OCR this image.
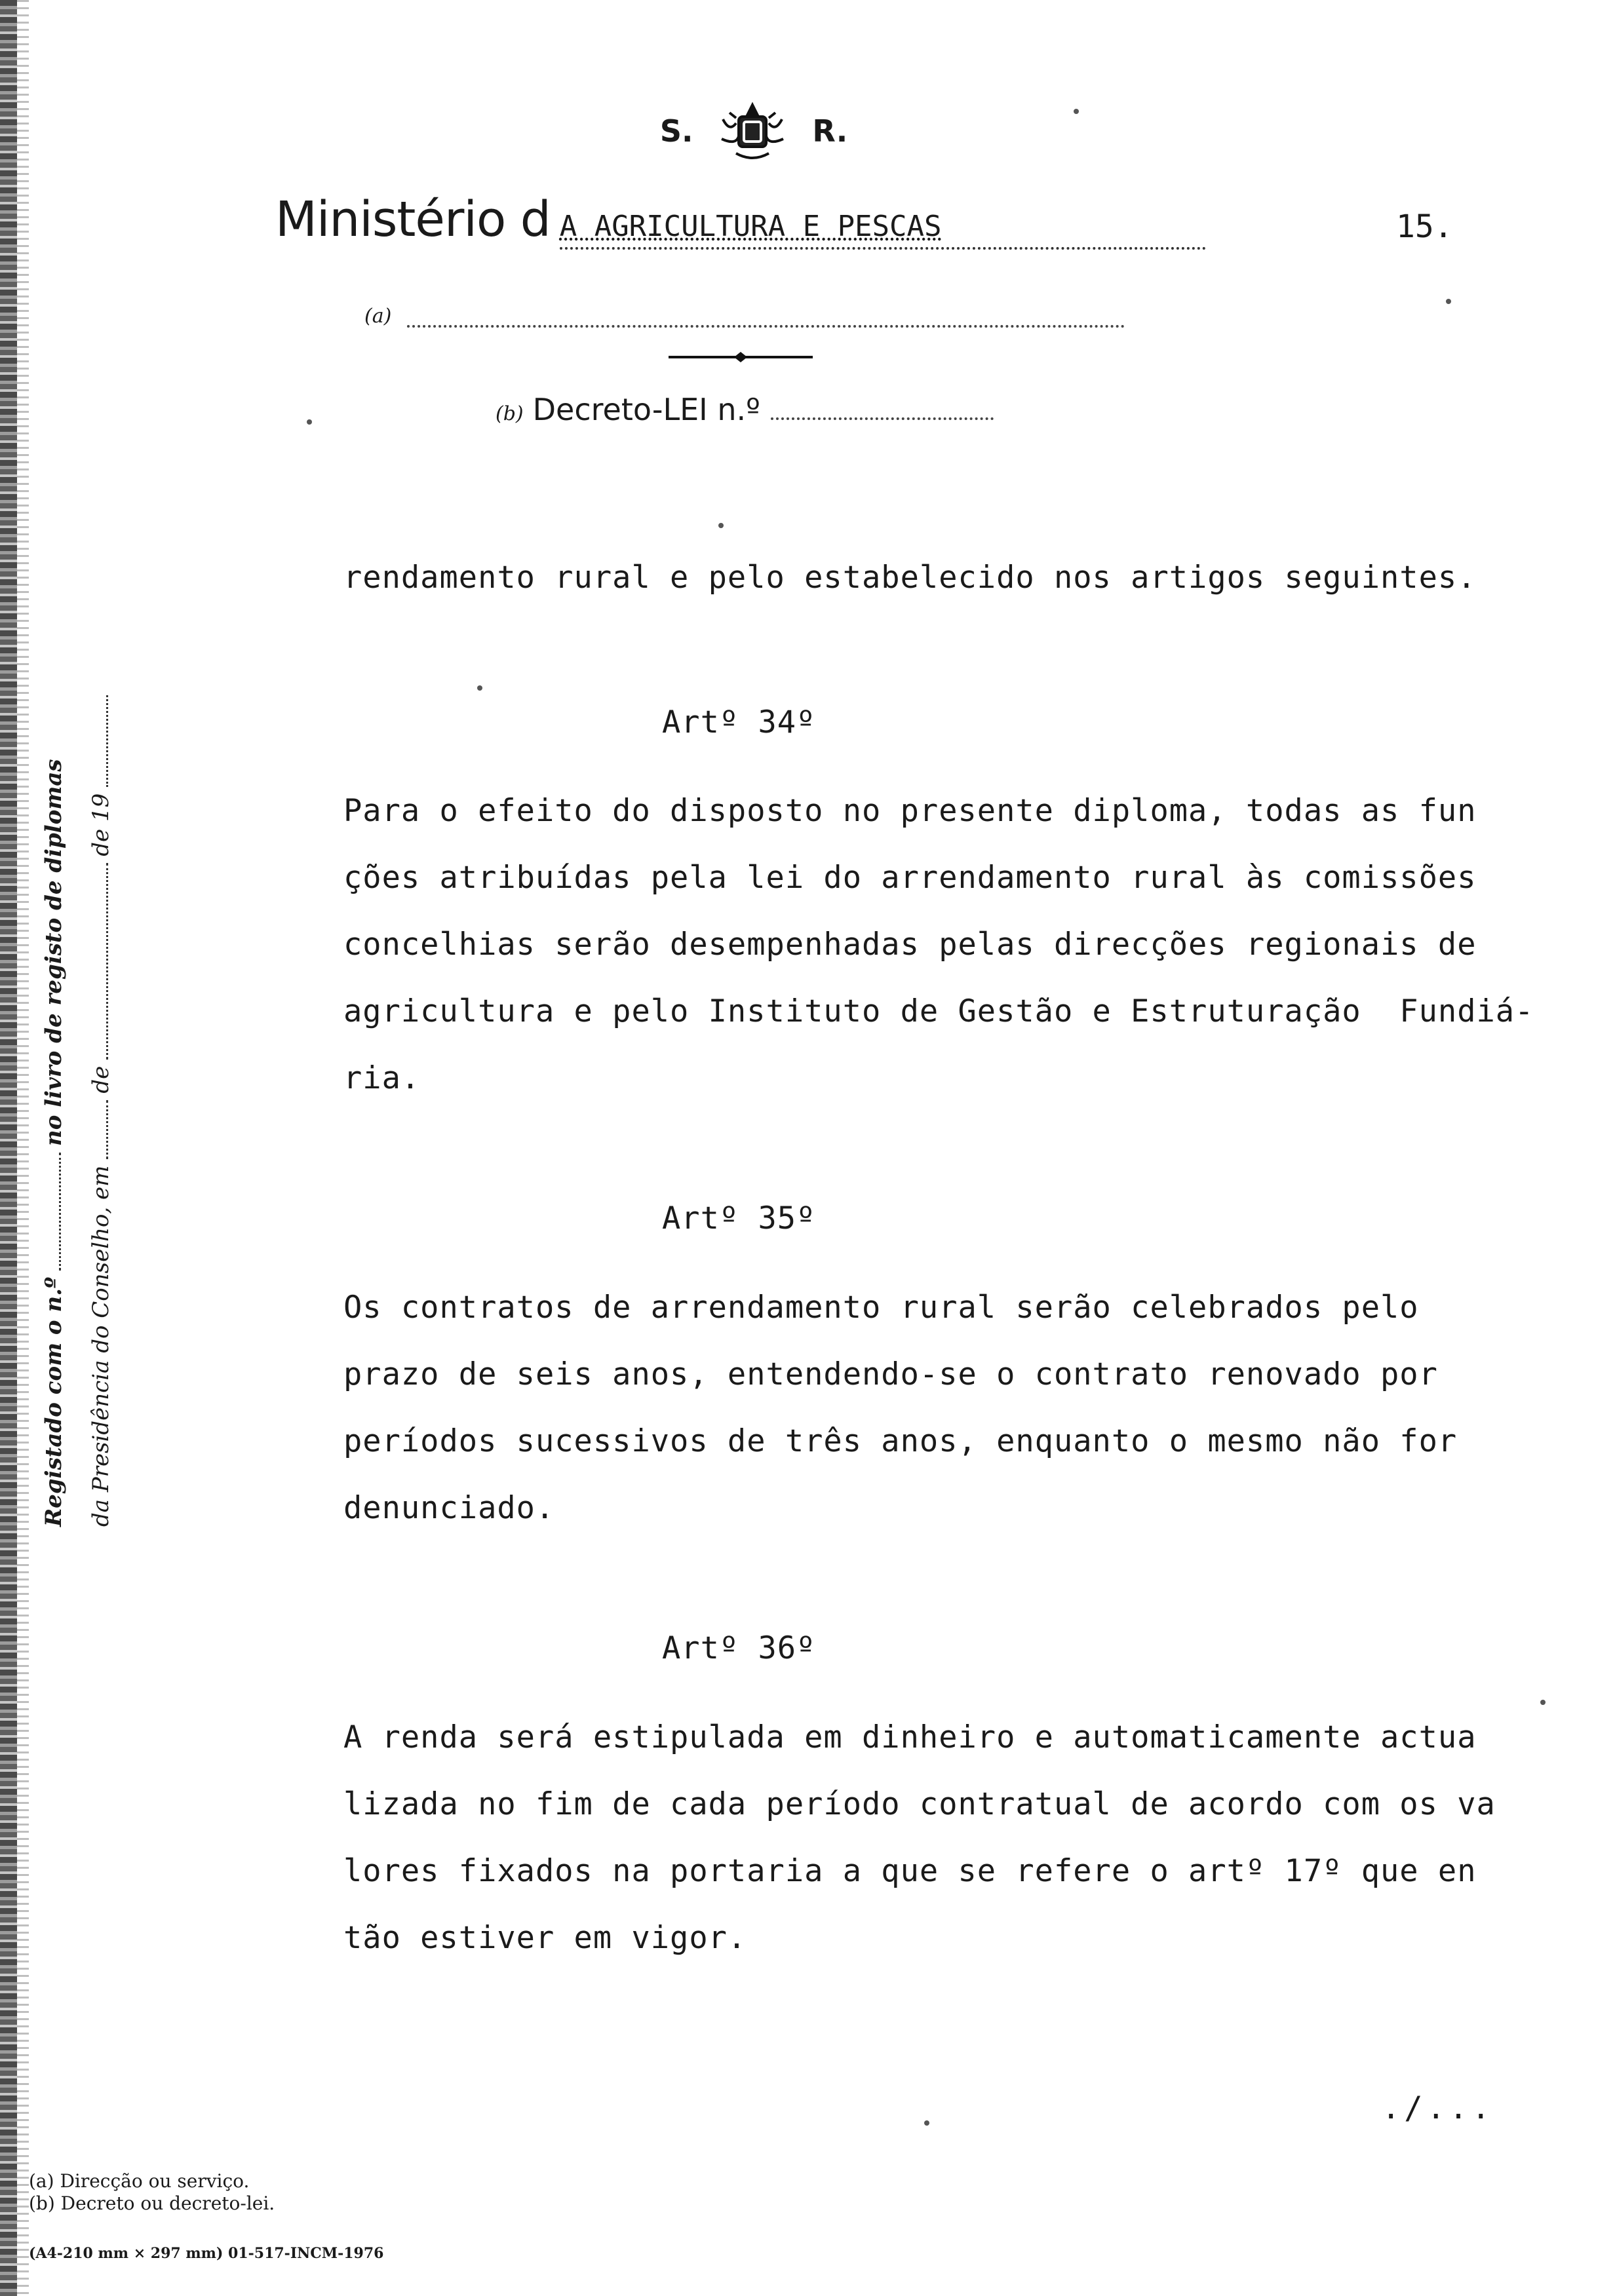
S.	R.
Ministério d A AGRICULTURA E PESCAS	15.
(a)
(b) Decreto-LEI n.º
rendamento rural e pelo estabelecido nos artigos seguintes.
Artº 34º
Para o efeito do disposto no presente diploma, todas as fun
ções atribuídas pela lei do arrendamento rural às comissões
concelhias serão desempenhadas pelas direcções regionais de
agricultura e pelo Instituto de Gestão e Estruturação  Fundiá-
ria.
Artº 35º
Os contratos de arrendamento rural serão celebrados pelo
prazo de seis anos, entendendo-se o contrato renovado por
períodos sucessivos de três anos, enquanto o mesmo não for
denunciado.
Artº 36º
A renda será estipulada em dinheiro e automaticamente actua
lizada no fim de cada período contratual de acordo com os va
lores fixados na portaria a que se refere o artº 17º que en
tão estiver em vigor.
./...
Registado com o n.º
no livro de registo de diplomas
da Presidência do Conselho, em
de
de 19
(a) Direcção ou serviço.
(b) Decreto ou decreto-lei.
(A4-210 mm × 297 mm) 01-517-INCM-1976
